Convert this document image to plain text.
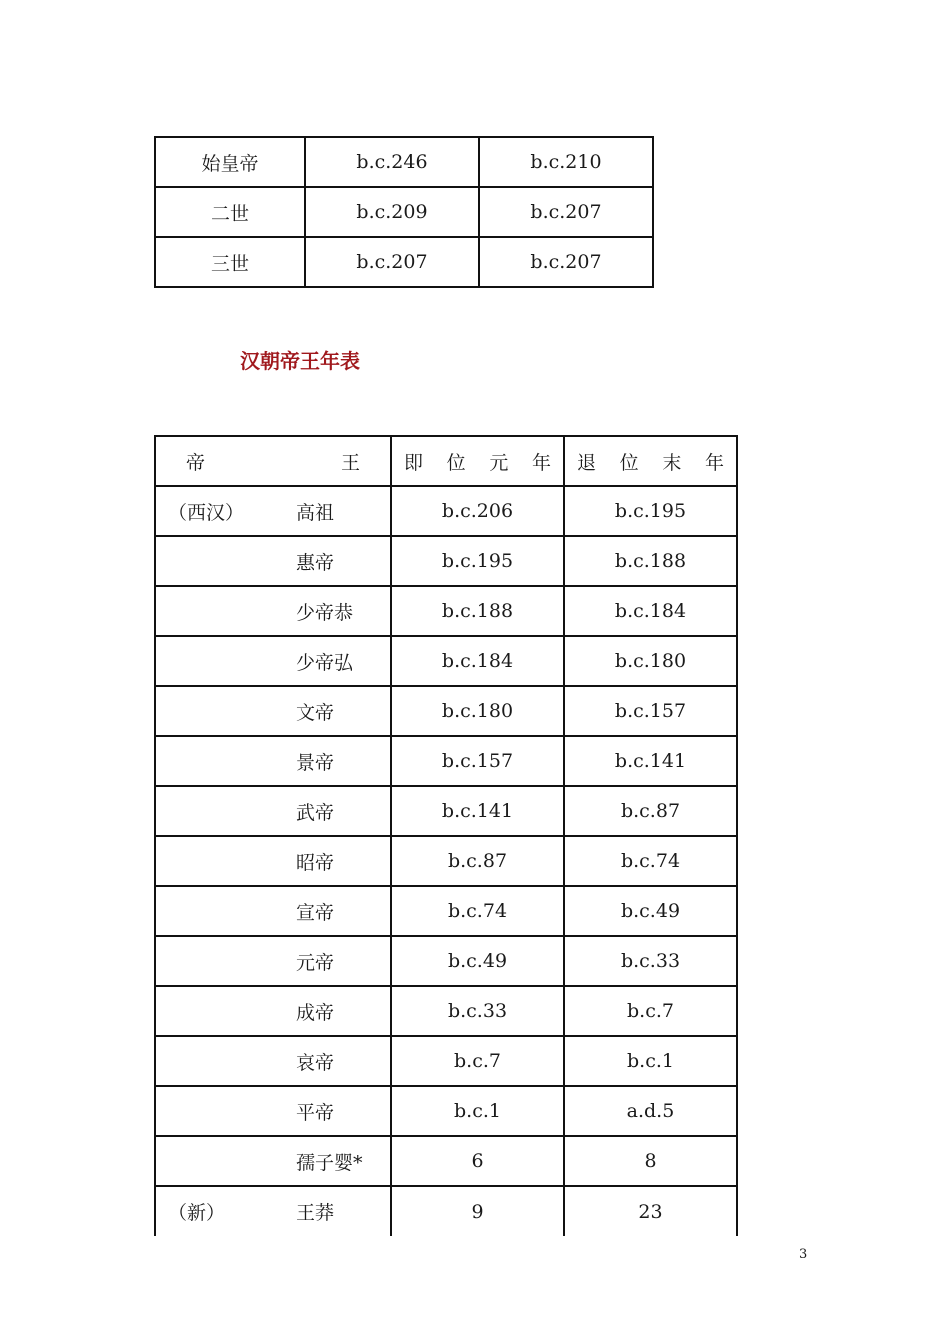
始皇帝	b.c.246	b.c.210
二世	b.c.209	b.c.207
三世	b.c.207	b.c.207
汉朝帝王年表
帝 王	即 位 元 年	退 位 末 年

（西汉） 高祖	b.c.206	b.c.195

惠帝	b.c.195	b.c.188

少帝恭	b.c.188	b.c.184

少帝弘	b.c.184	b.c.180

文帝	b.c.180	b.c.157

景帝	b.c.157	b.c.141

武帝	b.c.141	b.c.87

昭帝	b.c.87	b.c.74

宣帝	b.c.74	b.c.49

元帝	b.c.49	b.c.33

成帝	b.c.33	b.c.7

哀帝	b.c.7	b.c.1

平帝	b.c.1	a.d.5

孺子婴*	6	8

（新） 王莽	9	23
3
